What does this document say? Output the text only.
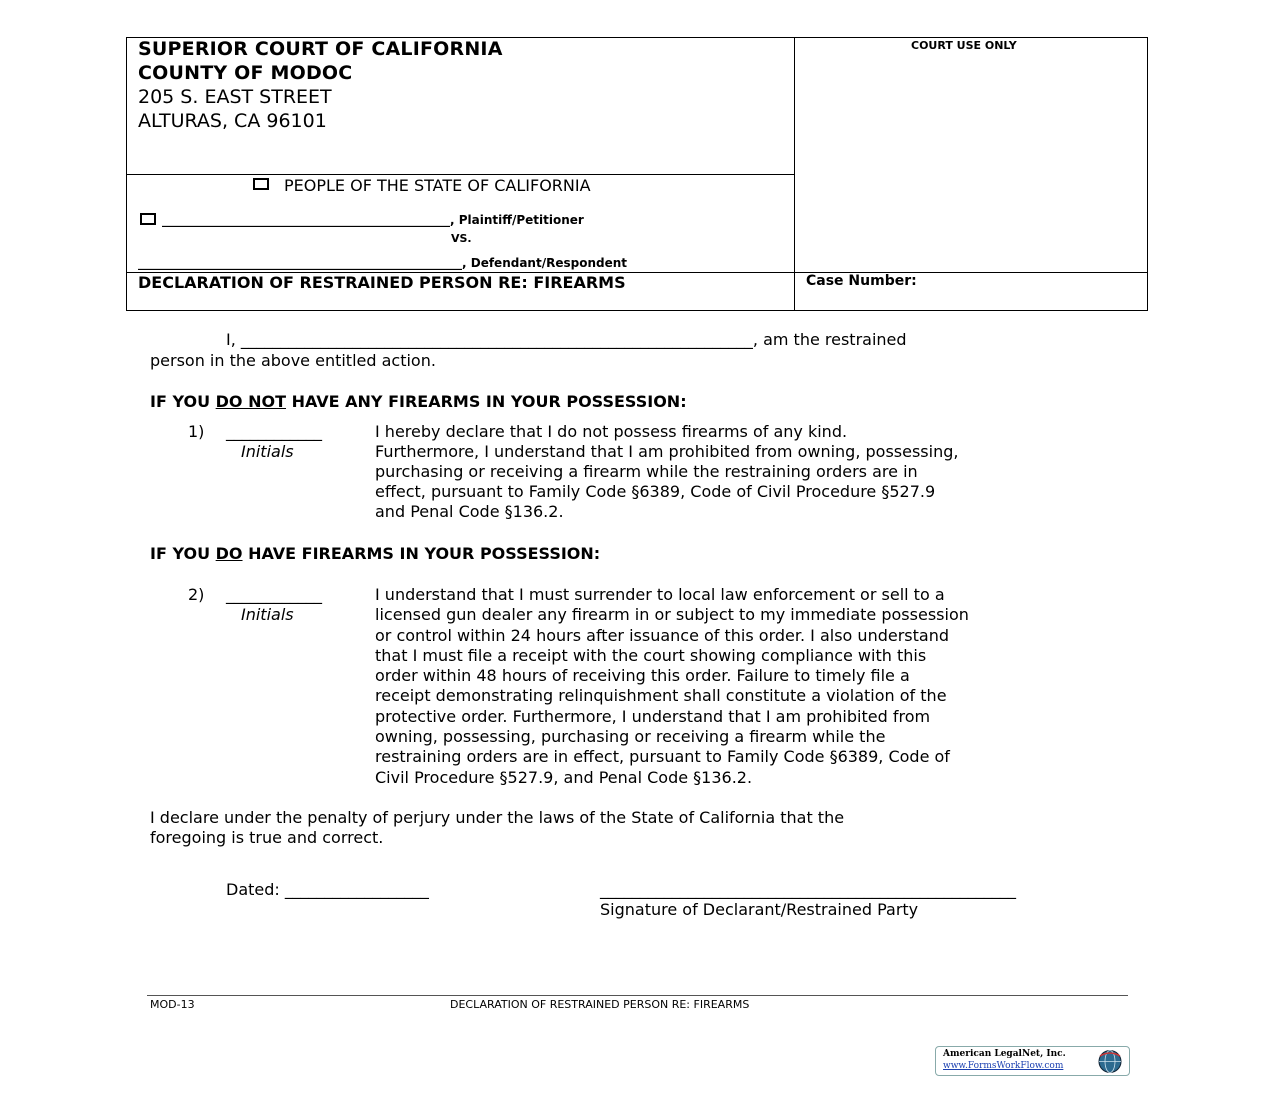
SUPERIOR COURT OF CALIFORNIA
COUNTY OF MODOC
205 S. EAST STREET
ALTURAS, CA 96101
COURT USE ONLY
PEOPLE OF THE STATE OF CALIFORNIA
________________________________________________, Plaintiff/Petitioner
VS.
______________________________________________________, Defendant/Respondent
DECLARATION OF RESTRAINED PERSON RE: FIREARMS	Case Number:
I, ________________________________________________________________, am the restrained
person in the above entitled action.
IF YOU DO NOT HAVE ANY FIREARMS IN YOUR POSSESSION:
1) ____________
Initials
I hereby declare that I do not possess firearms of any kind.
Furthermore, I understand that I am prohibited from owning, possessing,
purchasing or receiving a firearm while the restraining orders are in
effect, pursuant to Family Code §6389, Code of Civil Procedure §527.9
and Penal Code §136.2.
IF YOU DO HAVE FIREARMS IN YOUR POSSESSION:
2) ____________
Initials
I understand that I must surrender to local law enforcement or sell to a
licensed gun dealer any firearm in or subject to my immediate possession
or control within 24 hours after issuance of this order. I also understand
that I must file a receipt with the court showing compliance with this
order within 48 hours of receiving this order. Failure to timely file a
receipt demonstrating relinquishment shall constitute a violation of the
protective order. Furthermore, I understand that I am prohibited from
owning, possessing, purchasing or receiving a firearm while the
restraining orders are in effect, pursuant to Family Code §6389, Code of
Civil Procedure §527.9, and Penal Code §136.2.
I declare under the penalty of perjury under the laws of the State of California that the
foregoing is true and correct.
Dated: __________________	____________________________________________________
Signature of Declarant/Restrained Party
MOD-13	DECLARATION OF RESTRAINED PERSON RE: FIREARMS
American LegalNet, Inc.
www.FormsWorkFlow.com
